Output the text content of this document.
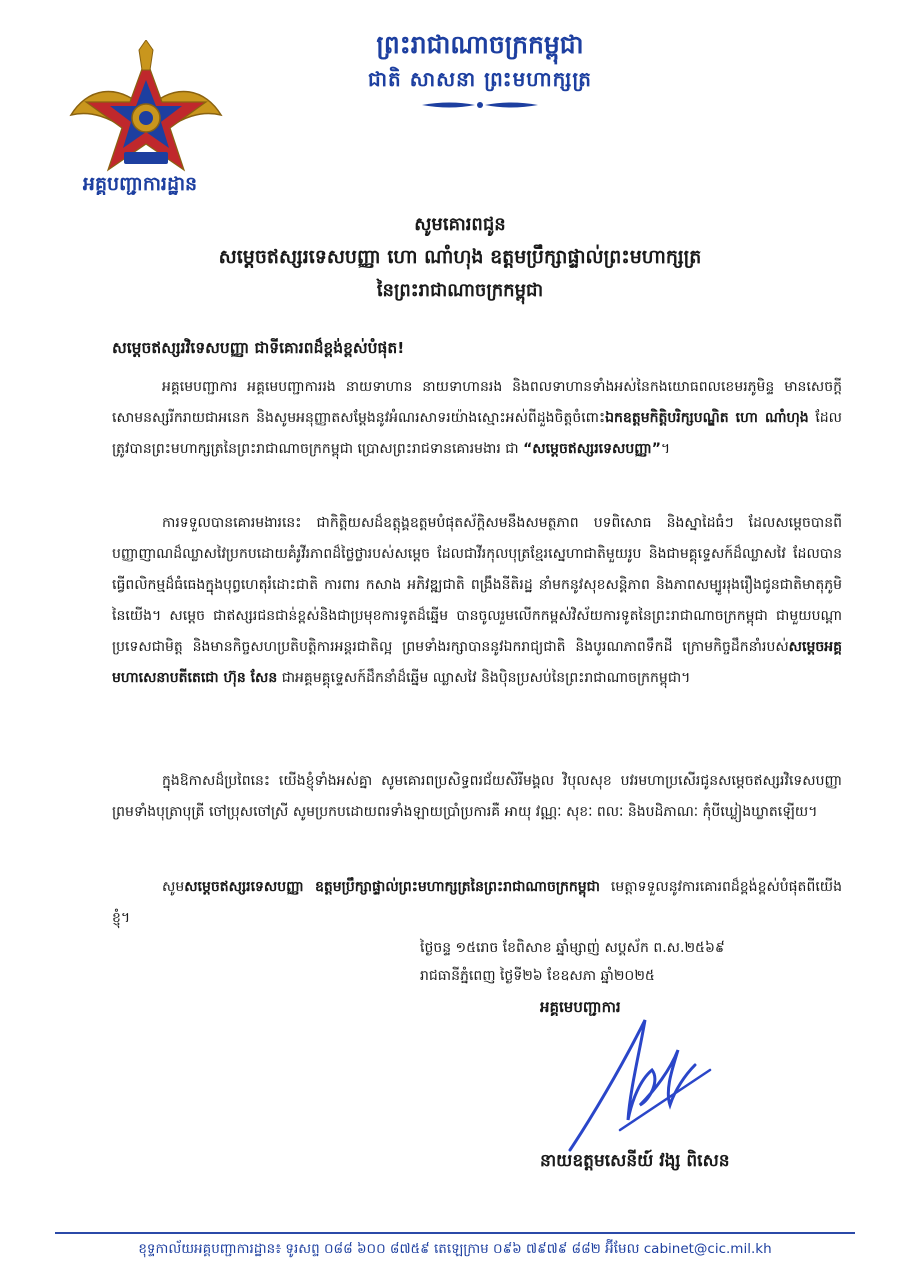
អគ្គបញ្ជាការដ្ឋាន
ព្រះរាជាណាចក្រកម្ពុជា
ជាតិ សាសនា ព្រះមហាក្សត្រ
សូមគោរពជូន
សម្តេចឥស្សរទេសបញ្ញា ហោ ណាំហុង ឧត្តមប្រឹក្សាផ្ទាល់ព្រះមហាក្សត្រ
នៃព្រះរាជាណាចក្រកម្ពុជា
សម្តេចឥស្សរវិទេសបញ្ញា ជាទីគោរពដ៏ខ្ពង់ខ្ពស់បំផុត!
អគ្គមេបញ្ជាការ អគ្គមេបញ្ជាការរង នាយទាហាន នាយទាហានរង និងពលទាហានទាំងអស់នៃកងយោធពលខេមរភូមិន្ទ មានសេចក្តីសោមនស្សរីករាយជាអនេក និងសូមអនុញ្ញាតសម្តែងនូវអំណរសាទរយ៉ាងស្មោះអស់ពីដួងចិត្តចំពោះឯកឧត្តមកិត្តិបរិក្សបណ្ឌិត ហោ ណាំហុង ដែលត្រូវបានព្រះមហាក្សត្រនៃព្រះរាជាណាចក្រកម្ពុជា ប្រោសព្រះរាជទានគោរមងារ ជា “សម្តេចឥស្សរទេសបញ្ញា”។
ការទទួលបានគោរមងារនេះ ជាកិត្តិយសដ៏ឧត្តុង្គឧត្តមបំផុតស័ក្តិសមនឹងសមត្ថភាព បទពិសោធ និងស្នាដៃធំៗ ដែលសម្តេចបានពីបញ្ញាញាណដ៏ឈ្លាសវៃប្រកបដោយគំរូវីរភាពដ៏ថ្លៃថ្លារបស់សម្តេច ដែលជាវីរកុលបុត្រខ្មែរស្នេហាជាតិមួយរូប និងជាមគ្គុទ្ទេសក៍ដ៏ឈ្លាសវៃ ដែលបានធ្វើពលិកម្មដ៏ធំធេងក្នុងបុព្វហេតុរំដោះជាតិ ការពារ កសាង អភិវឌ្ឍជាតិ ពង្រឹងនីតិរដ្ឋ នាំមកនូវសុខសន្តិភាព និងភាពសម្បូររុងរឿងជូនជាតិមាតុភូមិនៃយើង។ សម្តេច ជាឥស្សរជនជាន់ខ្ពស់និងជាប្រមុខការទូតដ៏ឆ្នើម បានចូលរួមលើកកម្ពស់វិស័យការទូតនៃព្រះរាជាណាចក្រកម្ពុជា ជាមួយបណ្តាប្រទេសជាមិត្ត និងមានកិច្ចសហប្រតិបត្តិការអន្តរជាតិល្អ ព្រមទាំងរក្សាបាននូវឯករាជ្យជាតិ និងបូរណភាពទឹកដី ក្រោមកិច្ចដឹកនាំរបស់សម្តេចអគ្គមហាសេនាបតីតេជោ ហ៊ុន សែន ជាអគ្គមគ្គុទ្ទេសក៍ដឹកនាំដ៏ឆ្នើម ឈ្លាសវៃ និងប៉ិនប្រសប់នៃព្រះរាជាណាចក្រកម្ពុជា។
ក្នុងឱកាសដ៏ប្រពៃនេះ យើងខ្ញុំទាំងអស់គ្នា សូមគោរពប្រសិទ្ធពរជ័យសិរីមង្គល វិបុលសុខ បវរមហាប្រសើរជូនសម្តេចឥស្សរវិទេសបញ្ញា ព្រមទាំងបុត្រាបុត្រី ចៅប្រុសចៅស្រី សូមប្រកបដោយពរទាំងឡាយប្រាំប្រការគឺ អាយុ វណ្ណៈ សុខៈ ពលៈ និងបដិភាណៈ កុំបីឃ្លៀងឃ្លាតឡើយ។
សូមសម្តេចឥស្សរទេសបញ្ញា ឧត្តមប្រឹក្សាផ្ទាល់ព្រះមហាក្សត្រនៃព្រះរាជាណាចក្រកម្ពុជា មេត្តាទទួលនូវការគោរពដ៏ខ្ពង់ខ្ពស់បំផុតពីយើងខ្ញុំ។
ថ្ងៃចន្ទ ១៥រោច ខែពិសាខ ឆ្នាំម្សាញ់ សប្តស័ក ព.ស.២៥៦៩
រាជធានីភ្នំពេញ ថ្ងៃទី២៦ ខែឧសភា ឆ្នាំ២០២៥
អគ្គមេបញ្ជាការ
នាយឧត្តមសេនីយ៍ វង្ស ពិសេន
ខុទ្ទកាល័យអគ្គបញ្ជាការដ្ឋាន៖ ទូរសព្ទ ០៨៨ ៦០០ ៨៧៥៩ តេឡេក្រាម ០៩៦ ៧៩៧៩ ៨៨២ អ៊ីមែល cabinet@cic.mil.kh
